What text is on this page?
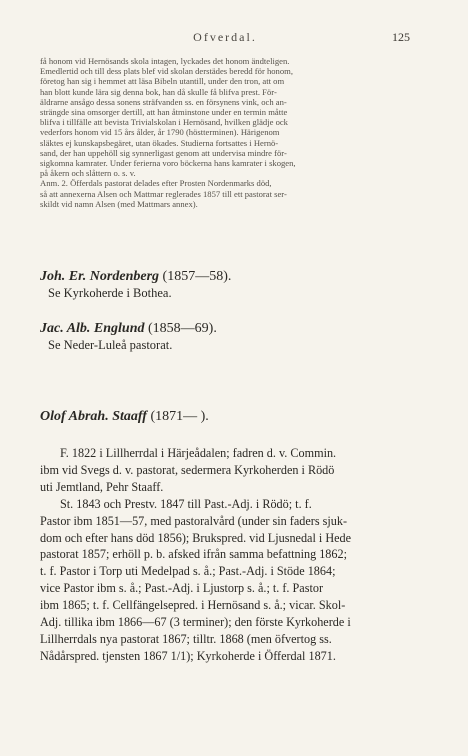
Ofverdal.	125
få honom vid Hernösands skola intagen, lyckades det honom ändteligen.
Emedlertid och till dess plats blef vid skolan derstädes beredd för honom,
företog han sig i hemmet att läsa Bibeln utantill, under den tron, att om
han blott kunde lära sig denna bok, han då skulle få blifva prest. För-
äldrarne ansågo dessa sonens sträfvanden ss. en försynens vink, och an-
strängde sina omsorger dertill, att han åtminstone under en termin måtte
blifva i tillfälle att bevista Trivialskolan i Hernösand, hvilken glädje ock
vederfors honom vid 15 års ålder, år 1790 (höstterminen). Härigenom
släktes ej kunskapsbegäret, utan ökades. Studierna fortsattes i Hernö-
sand, der han uppehöll sig synnerligast genom att undervisa mindre för-
sigkomna kamrater. Under ferierna voro böckerna hans kamrater i skogen,
på åkern och slåttern o. s. v.
Anm. 2. Öfferdals pastorat delades efter Prosten Nordenmarks död,
så att annexerna Alsen och Mattmar reglerades 1857 till ett pastorat ser-
skildt vid namn Alsen (med Mattmars annex).
Joh. Er. Nordenberg (1857—58).
Se Kyrkoherde i Bothea.
Jac. Alb. Englund (1858—69).
Se Neder-Luleå pastorat.
Olof Abrah. Staaff (1871— ).
F. 1822 i Lillherrdal i Härjeådalen; fadren d. v. Commin.
ibm vid Svegs d. v. pastorat, sedermera Kyrkoherden i Rödö
uti Jemtland, Pehr Staaff.
St. 1843 och Prestv. 1847 till Past.-Adj. i Rödö; t. f.
Pastor ibm 1851—57, med pastoralvård (under sin faders sjuk-
dom och efter hans död 1856); Brukspred. vid Ljusnedal i Hede
pastorat 1857; erhöll p. b. afsked ifrån samma befattning 1862;
t. f. Pastor i Torp uti Medelpad s. å.; Past.-Adj. i Stöde 1864;
vice Pastor ibm s. å.; Past.-Adj. i Ljustorp s. å.; t. f. Pastor
ibm 1865; t. f. Cellfängelsepred. i Hernösand s. å.; vicar. Skol-
Adj. tillika ibm 1866—67 (3 terminer); den förste Kyrkoherde i
Lillherrdals nya pastorat 1867; tilltr. 1868 (men öfvertog ss.
Nådårspred. tjensten 1867 1/1); Kyrkoherde i Öfferdal 1871.
